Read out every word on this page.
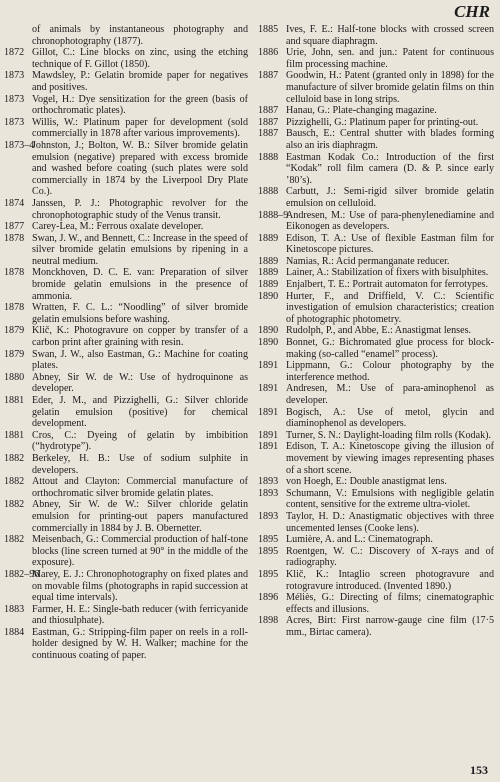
CHR
of animals by instantaneous photography and chronophotography (1877).
1872 Gillot, C.: Line blocks on zinc, using the etching technique of F. Gillot (1850).
1873 Mawdsley, P.: Gelatin bromide paper for negatives and positives.
1873 Vogel, H.: Dye sensitization for the green (basis of orthochromatic plates).
1873 Willis, W.: Platinum paper for development (sold commercially in 1878 after various improvements).
1873–4
Johnston, J.; Bolton, W. B.: Silver bromide gelatin emulsion (negative) prepared with excess bromide and washed before coating (such plates were sold commercially in 1874 by the Liverpool Dry Plate Co.).
1874 Janssen, P. J.: Photographic revolver for the chronophotographic study of the Venus transit.
1877 Carey-Lea, M.: Ferrous oxalate developer.
1878 Swan, J. W., and Bennett, C.: Increase in the speed of silver bromide gelatin emulsions by ripening in a neutral medium.
1878 Monckhoven, D. C. E. van: Preparation of silver bromide gelatin emulsions in the presence of ammonia.
1878 Wratten, F. C. L.: “Noodling” of silver bromide gelatin emulsions before washing.
1879 Klič, K.: Photogravure on copper by transfer of a carbon print after graining with resin.
1879 Swan, J. W., also Eastman, G.: Machine for coating plates.
1880 Abney, Sir W. de W.: Use of hydroquinone as developer.
1881 Eder, J. M., and Pizzighelli, G.: Silver chloride gelatin emulsion (positive) for chemical development.
1881 Cros, C.: Dyeing of gelatin by imbibition (“hydrotype”).
1882 Berkeley, H. B.: Use of sodium sulphite in developers.
1882 Attout and Clayton: Commercial manufacture of orthochromatic silver bromide gelatin plates.
1882 Abney, Sir W. de W.: Silver chloride gelatin emulsion for printing-out papers manufactured commercially in 1884 by J. B. Obernetter.
1882 Meisenbach, G.: Commercial production of half-tone blocks (line screen turned at 90° in the middle of the exposure).
1882–96
Marey, E. J.: Chronophotography on fixed plates and on movable films (photographs in rapid succession at equal time intervals).
1883 Farmer, H. E.: Single-bath reducer (with ferricyanide and thiosulphate).
1884 Eastman, G.: Stripping-film paper on reels in a roll-holder designed by W. H. Walker; machine for the continuous coating of paper.
1885 Ives, F. E.: Half-tone blocks with crossed screen and square diaphragm.
1886 Urie, John, sen. and jun.: Patent for continuous film processing machine.
1887 Goodwin, H.: Patent (granted only in 1898) for the manufacture of silver bromide gelatin films on thin celluloid base in long strips.
1887 Hanau, G.: Plate-changing magazine.
1887 Pizzighelli, G.: Platinum paper for printing-out.
1887 Bausch, E.: Central shutter with blades forming also an iris diaphragm.
1888 Eastman Kodak Co.: Introduction of the first “Kodak” roll film camera (D. & P. since early ’80’s).
1888 Carbutt, J.: Semi-rigid silver bromide gelatin emulsion on celluloid.
1888–9
Andresen, M.: Use of para-phenylenediamine and Eikonogen as developers.
1889 Edison, T. A.: Use of flexible Eastman film for Kinetoscope pictures.
1889 Namias, R.: Acid permanganate reducer.
1889 Lainer, A.: Stabilization of fixers with bisulphites.
1889 Enjalbert, T. E.: Portrait automaton for ferrotypes.
1890 Hurter, F., and Driffield, V. C.: Scientific investigation of emulsion characteristics; creation of photographic photometry.
1890 Rudolph, P., and Abbe, E.: Anastigmat lenses.
1890 Bonnet, G.: Bichromated glue process for block-making (so-called “enamel” process).
1891 Lippmann, G.: Colour photography by the interference method.
1891 Andresen, M.: Use of para-aminophenol as developer.
1891 Bogisch, A.: Use of metol, glycin and diaminophenol as developers.
1891 Turner, S. N.: Daylight-loading film rolls (Kodak).
1891 Edison, T. A.: Kinetoscope giving the illusion of movement by viewing images representing phases of a short scene.
1893 von Hoegh, E.: Double anastigmat lens.
1893 Schumann, V.: Emulsions with negligible gelatin content, sensitive for the extreme ultra-violet.
1893 Taylor, H. D.: Anastigmatic objectives with three uncemented lenses (Cooke lens).
1895 Lumière, A. and L.: Cinematograph.
1895 Roentgen, W. C.: Discovery of X-rays and of radiography.
1895 Klič, K.: Intaglio screen photogravure and rotogravure introduced. (Invented 1890.)
1896 Méliès, G.: Directing of films; cinematographic effects and illusions.
1898 Acres, Birt: First narrow-gauge cine film (17·5 mm., Birtac camera).
153
